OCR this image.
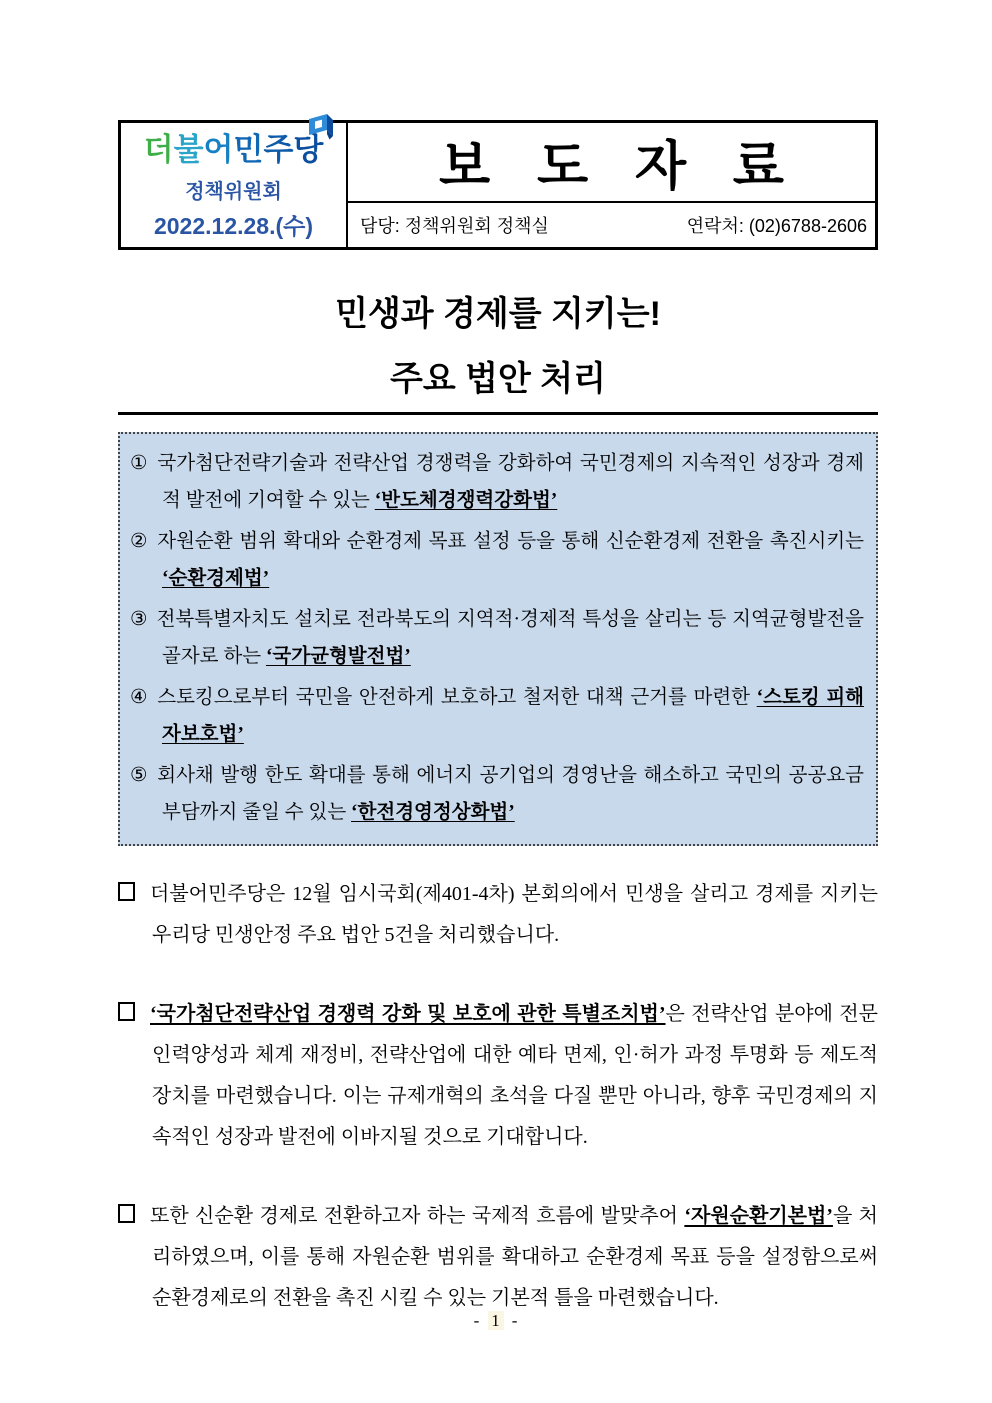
더불어민주당
정책위원회
2022.12.28.(수)
보 도 자 료
담당: 정책위원회 정책실	연락처: (02)6788-2606
민생과 경제를 지키는!
주요 법안 처리
① 국가첨단전략기술과 전략산업 경쟁력을 강화하여 국민경제의 지속적인 성장과 경제적 발전에 기여할 수 있는 ‘반도체경쟁력강화법’
② 자원순환 범위 확대와 순환경제 목표 설정 등을 통해 신순환경제 전환을 촉진시키는 ‘순환경제법’
③ 전북특별자치도 설치로 전라북도의 지역적·경제적 특성을 살리는 등 지역균형발전을 골자로 하는 ‘국가균형발전법’
④ 스토킹으로부터 국민을 안전하게 보호하고 철저한 대책 근거를 마련한 ‘스토킹 피해자보호법’
⑤ 회사채 발행 한도 확대를 통해 에너지 공기업의 경영난을 해소하고 국민의 공공요금 부담까지 줄일 수 있는 ‘한전경영정상화법’
더불어민주당은 12월 임시국회(제401-4차) 본회의에서 민생을 살리고 경제를 지키는 우리당 민생안정 주요 법안 5건을 처리했습니다.
‘국가첨단전략산업 경쟁력 강화 및 보호에 관한 특별조치법’은 전략산업 분야에 전문인력양성과 체계 재정비, 전략산업에 대한 예타 면제, 인·허가 과정 투명화 등 제도적 장치를 마련했습니다. 이는 규제개혁의 초석을 다질 뿐만 아니라, 향후 국민경제의 지속적인 성장과 발전에 이바지될 것으로 기대합니다.
또한 신순환 경제로 전환하고자 하는 국제적 흐름에 발맞추어 ‘자원순환기본법’을 처리하였으며, 이를 통해 자원순환 범위를 확대하고 순환경제 목표 등을 설정함으로써 순환경제로의 전환을 촉진 시킬 수 있는 기본적 틀을 마련했습니다.
- 1 -
